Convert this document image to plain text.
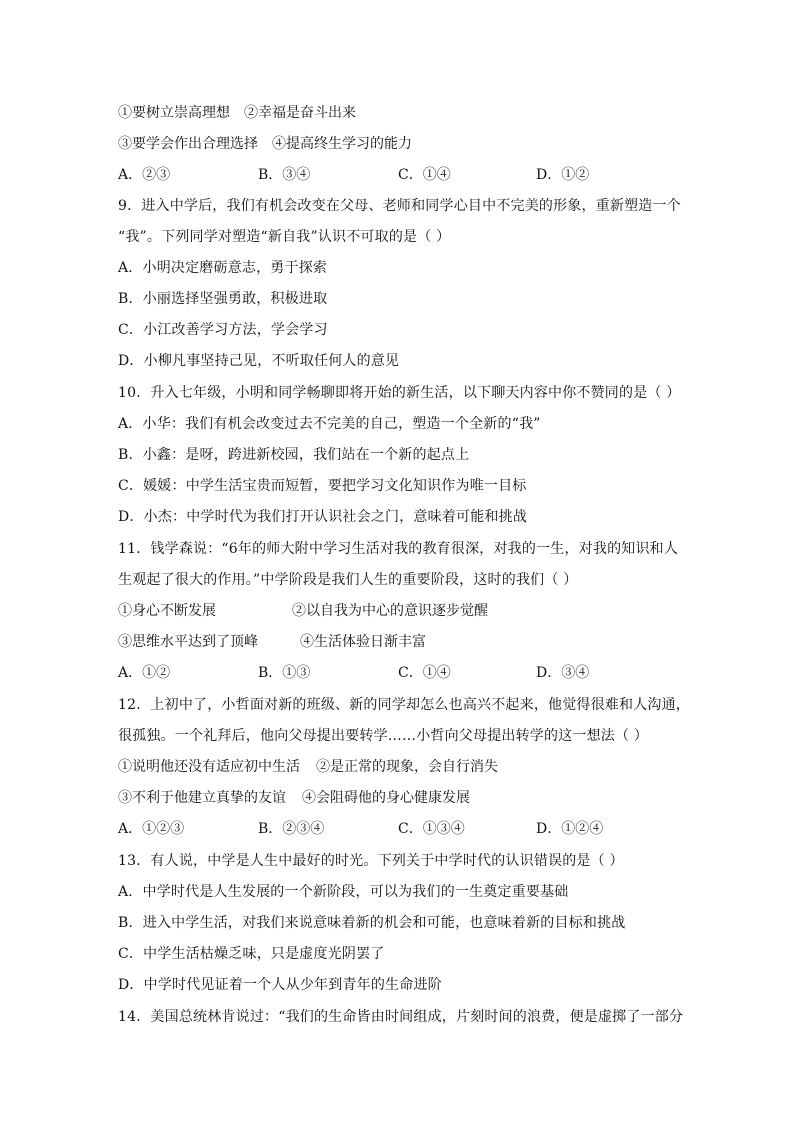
①要树立崇高理想 ②幸福是奋斗出来
③要学会作出合理选择 ④提高终生学习的能力
A．②③	B．③④	C．①④	D．①②
9．进入中学后，我们有机会改变在父母、老师和同学心目中不完美的形象，重新塑造一个
“我”。下列同学对塑造“新自我”认识不可取的是（ ）
A．小明决定磨砺意志，勇于探索
B．小丽选择坚强勇敢，积极进取
C．小江改善学习方法，学会学习
D．小柳凡事坚持己见，不听取任何人的意见
10．升入七年级，小明和同学畅聊即将开始的新生活，以下聊天内容中你不赞同的是（ ）
A．小华：我们有机会改变过去不完美的自己，塑造一个全新的“我”
B．小鑫：是呀，跨进新校园，我们站在一个新的起点上
C．媛媛：中学生活宝贵而短暂，要把学习文化知识作为唯一目标
D．小杰：中学时代为我们打开认识社会之门，意味着可能和挑战
11．钱学森说：“6年的师大附中学习生活对我的教育很深，对我的一生，对我的知识和人
生观起了很大的作用。”中学阶段是我们人生的重要阶段，这时的我们（ ）
①身心不断发展	②以自我为中心的意识逐步觉醒
③思维水平达到了顶峰	④生活体验日渐丰富
A．①②	B．①③	C．①④	D．③④
12．上初中了，小哲面对新的班级、新的同学却怎么也高兴不起来，他觉得很难和人沟通，
很孤独。一个礼拜后，他向父母提出要转学……小哲向父母提出转学的这一想法（ ）
①说明他还没有适应初中生活 ②是正常的现象，会自行消失
③不利于他建立真挚的友谊 ④会阻碍他的身心健康发展
A．①②③	B．②③④	C．①③④	D．①②④
13．有人说，中学是人生中最好的时光。下列关于中学时代的认识错误的是（ ）
A．中学时代是人生发展的一个新阶段，可以为我们的一生奠定重要基础
B．进入中学生活，对我们来说意味着新的机会和可能，也意味着新的目标和挑战
C．中学生活枯燥乏味，只是虚度光阴罢了
D．中学时代见证着一个人从少年到青年的生命进阶
14．美国总统林肯说过：“我们的生命皆由时间组成，片刻时间的浪费，便是虚掷了一部分
